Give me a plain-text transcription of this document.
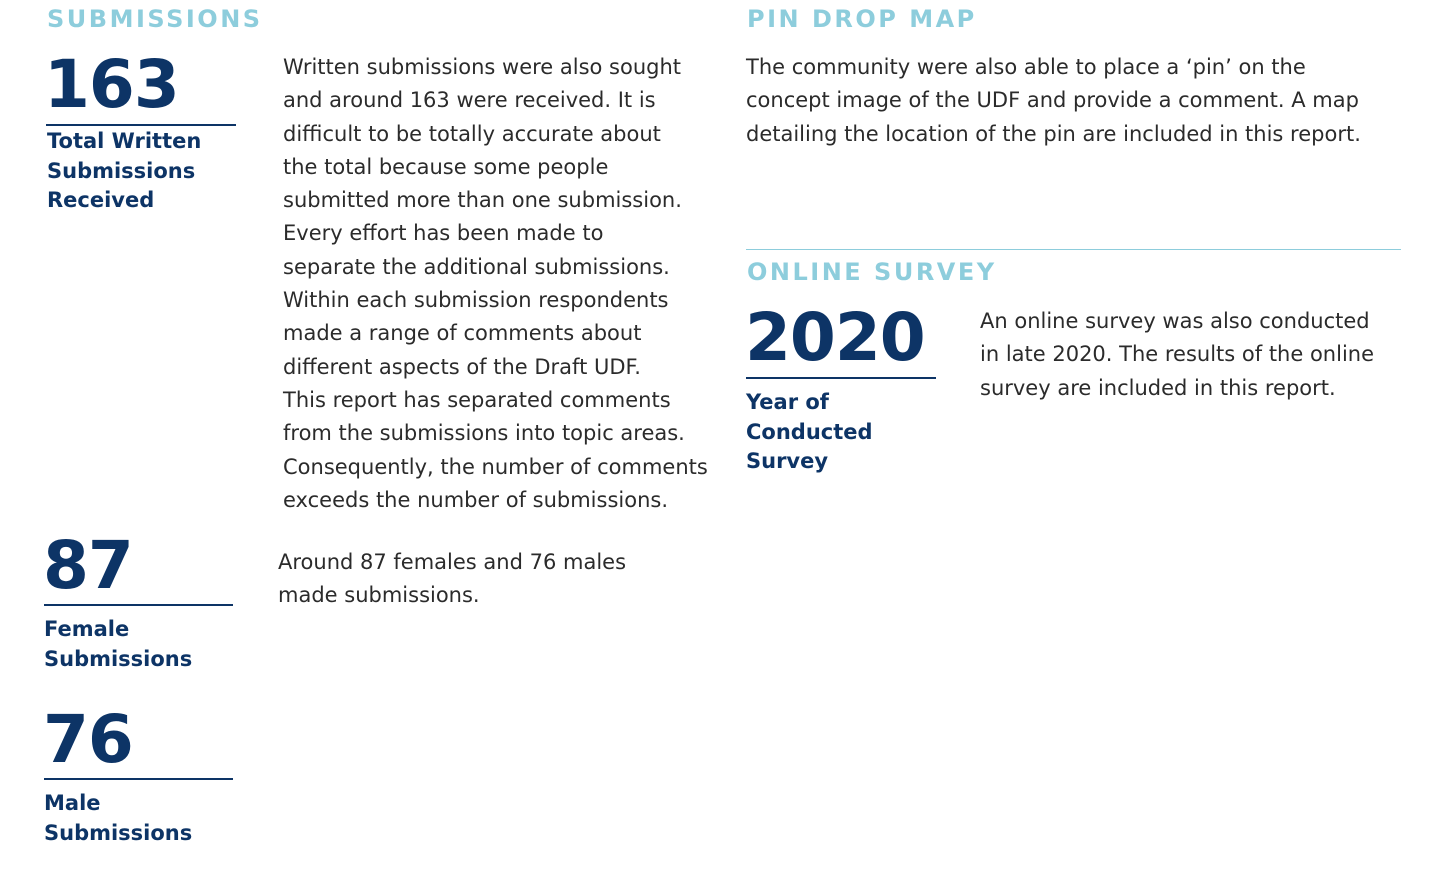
SUBMISSIONS
163
Total Written
Submissions
Received
Written submissions were also sought
and around 163 were received. It is
difficult to be totally accurate about
the total because some people
submitted more than one submission.
Every effort has been made to
separate the additional submissions.
Within each submission respondents
made a range of comments about
different aspects of the Draft UDF.
This report has separated comments
from the submissions into topic areas.
Consequently, the number of comments
exceeds the number of submissions.
87
Female
Submissions
Around 87 females and 76 males
made submissions.
76
Male
Submissions
PIN DROP MAP
The community were also able to place a ‘pin’ on the
concept image of the UDF and provide a comment. A map
detailing the location of the pin are included in this report.
ONLINE SURVEY
2020
Year of
Conducted
Survey
An online survey was also conducted
in late 2020. The results of the online
survey are included in this report.
